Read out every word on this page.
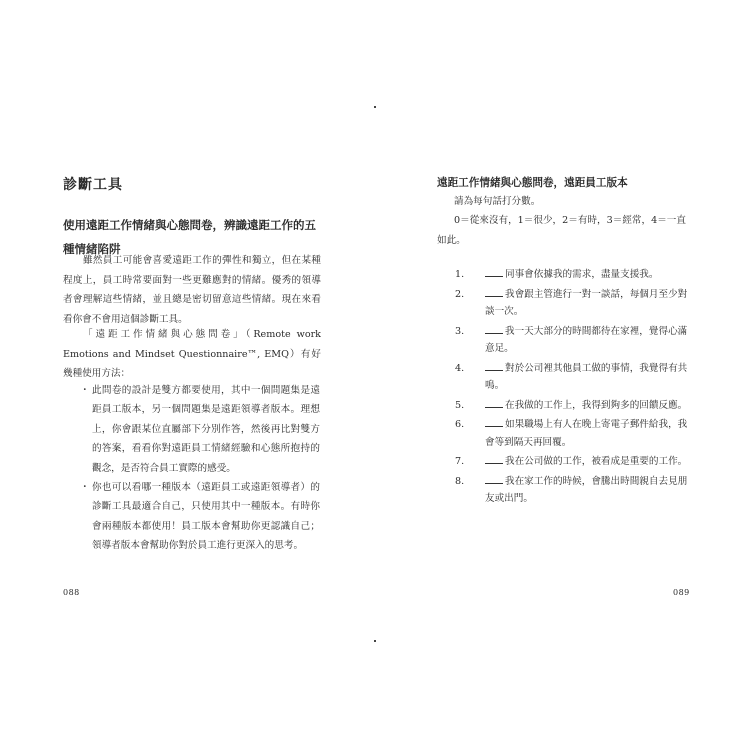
診斷工具
使用遠距工作情緒與心態問卷，辨識遠距工作的五種情緒陷阱
雖然員工可能會喜愛遠距工作的彈性和獨立，但在某種程度上，員工時常要面對一些更難應對的情緒。優秀的領導者會理解這些情緒，並且總是密切留意這些情緒。現在來看看你會不會用這個診斷工具。
「遠距工作情緒與心態問卷」（Remote work Emotions and Mindset Questionnaire™, EMQ）有好幾種使用方法：
・ 此問卷的設計是雙方都要使用，其中一個問題集是遠距員工版本，另一個問題集是遠距領導者版本。理想上，你會跟某位直屬部下分別作答，然後再比對雙方的答案，看看你對遠距員工情緒經驗和心態所抱持的觀念，是否符合員工實際的感受。
・ 你也可以看哪一種版本（遠距員工或遠距領導者）的診斷工具最適合自己，只使用其中一種版本。有時你會兩種版本都使用！員工版本會幫助你更認識自己；領導者版本會幫助你對於員工進行更深入的思考。
088
遠距工作情緒與心態問卷，遠距員工版本
請為每句話打分數。
0＝從來沒有，1＝很少，2＝有時，3＝經常，4＝一直如此。
1.	同事會依據我的需求，盡量支援我。
2.	我會跟主管進行一對一談話，每個月至少對談一次。
3.	我一天大部分的時間都待在家裡，覺得心滿意足。
4.	對於公司裡其他員工做的事情，我覺得有共鳴。
5.	在我做的工作上，我得到夠多的回饋反應。
6.	如果職場上有人在晚上寄電子郵件給我，我會等到隔天再回覆。
7.	我在公司做的工作，被看成是重要的工作。
8.	我在家工作的時候，會騰出時間親自去見朋友或出門。
089
